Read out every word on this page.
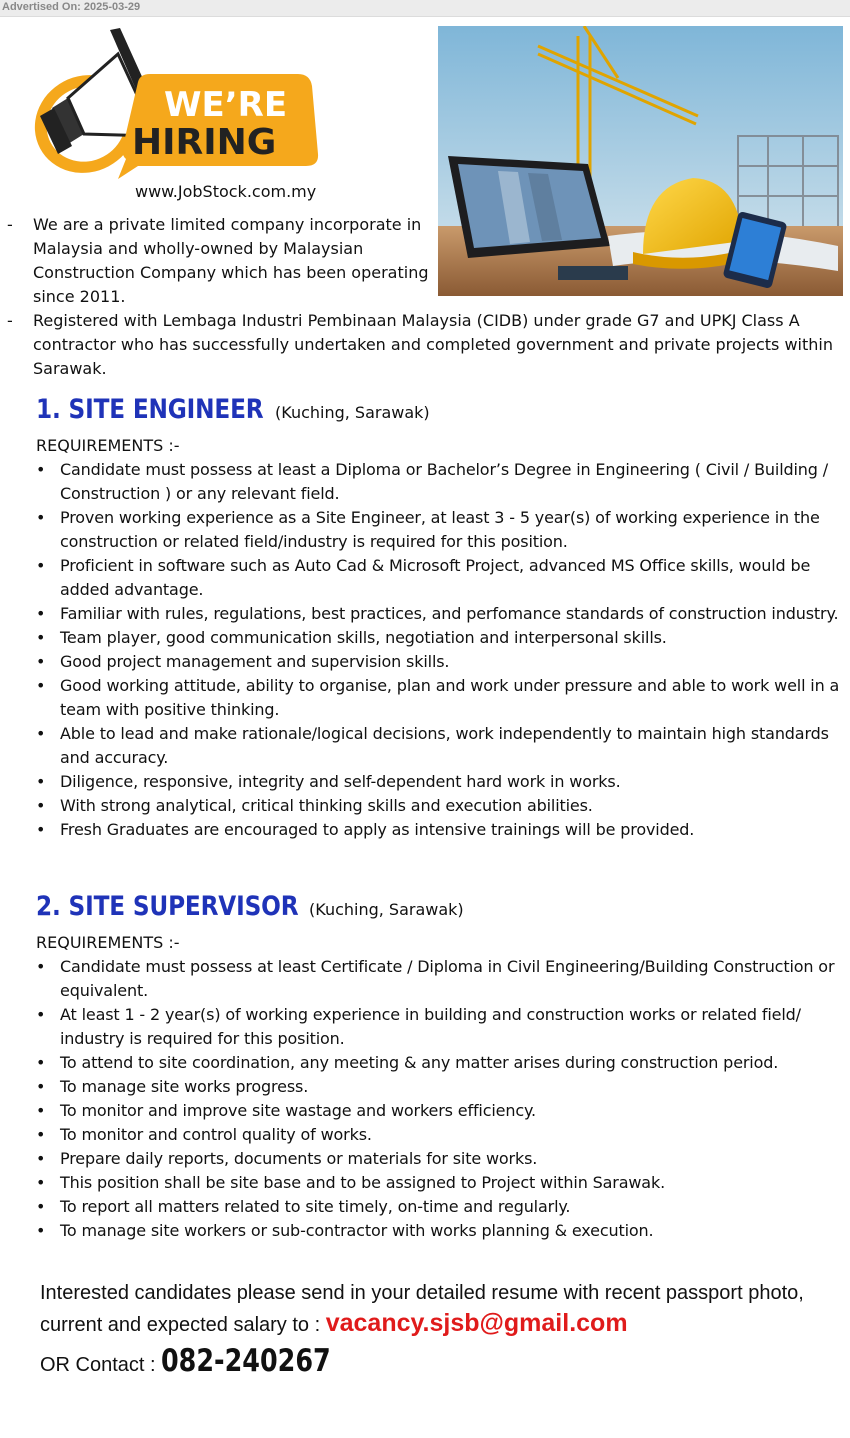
Advertised On: 2025-03-29
WE’RE
HIRING
www.JobStock.com.my
- We are a private limited company incorporate in Malaysia and wholly-owned by Malaysian Construction Company which has been operating since 2011.
- Registered with Lembaga Industri Pembinaan Malaysia (CIDB) under grade G7 and UPKJ Class A contractor who has successfully undertaken and completed government and private projects within Sarawak.
1. SITE ENGINEER (Kuching, Sarawak)
REQUIREMENTS :-
• Candidate must possess at least a Diploma or Bachelor’s Degree in Engineering ( Civil / Building / Construction ) or any relevant field.
• Proven working experience as a Site Engineer, at least 3 - 5 year(s) of working experience in the construction or related field/industry is required for this position.
• Proficient in software such as Auto Cad & Microsoft Project, advanced MS Office skills, would be added advantage.
• Familiar with rules, regulations, best practices, and perfomance standards of construction industry.
• Team player, good communication skills, negotiation and interpersonal skills.
• Good project management and supervision skills.
• Good working attitude, ability to organise, plan and work under pressure and able to work well in a team with positive thinking.
• Able to lead and make rationale/logical decisions, work independently to maintain high standards and accuracy.
• Diligence, responsive, integrity and self-dependent hard work in works.
• With strong analytical, critical thinking skills and execution abilities.
• Fresh Graduates are encouraged to apply as intensive trainings will be provided.
2. SITE SUPERVISOR (Kuching, Sarawak)
REQUIREMENTS :-
• Candidate must possess at least Certificate / Diploma in Civil Engineering/Building Construction or equivalent.
• At least 1 - 2 year(s) of working experience in building and construction works or related field/ industry is required for this position.
• To attend to site coordination, any meeting & any matter arises during construction period.
• To manage site works progress.
• To monitor and improve site wastage and workers efficiency.
• To monitor and control quality of works.
• Prepare daily reports, documents or materials for site works.
• This position shall be site base and to be assigned to Project within Sarawak.
• To report all matters related to site timely, on-time and regularly.
• To manage site workers or sub-contractor with works planning & execution.
Interested candidates please send in your detailed resume with recent passport photo,
current and expected salary to : vacancy.sjsb@gmail.com
OR Contact : 082-240267
